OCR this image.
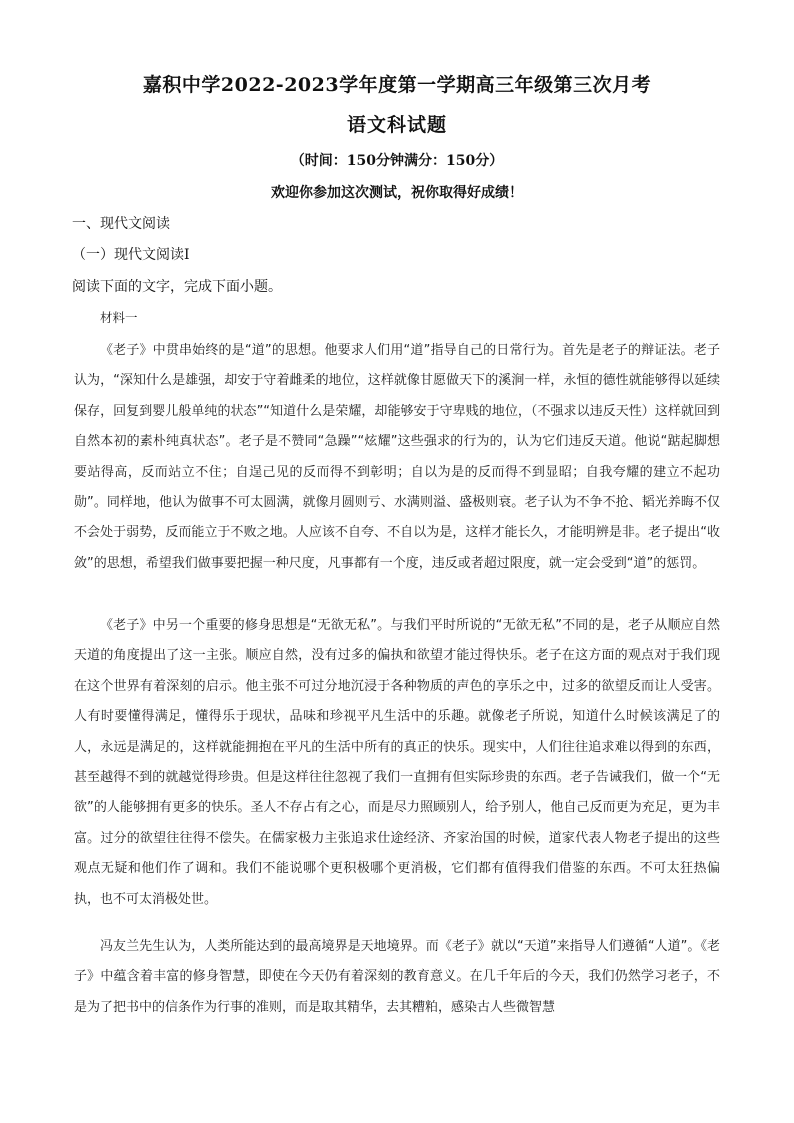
嘉积中学2022-2023学年度第一学期高三年级第三次月考
语文科试题
（时间：150分钟满分：150分）
欢迎你参加这次测试，祝你取得好成绩！
一、现代文阅读
（一）现代文阅读Ⅰ
阅读下面的文字，完成下面小题。
材料一

《老子》中贯串始终的是“道”的思想。他要求人们用“道”指导自己的日常行为。首先是老子的辩证法。老子认为，“深知什么是雄强，却安于守着雌柔的地位，这样就像甘愿做天下的溪涧一样，永恒的德性就能够得以延续保存，回复到婴儿般单纯的状态”“知道什么是荣耀，却能够安于守卑贱的地位，（不强求以违反天性）这样就回到自然本初的素朴纯真状态”。老子是不赞同“急躁”“炫耀”这些强求的行为的，认为它们违反天道。他说“踮起脚想要站得高，反而站立不住；自逞己见的反而得不到彰明；自以为是的反而得不到显昭；自我夸耀的建立不起功勋”。同样地，他认为做事不可太圆满，就像月圆则亏、水满则溢、盛极则衰。老子认为不争不抢、韬光养晦不仅不会处于弱势，反而能立于不败之地。人应该不自夸、不自以为是，这样才能长久，才能明辨是非。老子提出“收敛”的思想，希望我们做事要把握一种尺度，凡事都有一个度，违反或者超过限度，就一定会受到“道”的惩罚。

《老子》中另一个重要的修身思想是“无欲无私”。与我们平时所说的“无欲无私”不同的是，老子从顺应自然天道的角度提出了这一主张。顺应自然，没有过多的偏执和欲望才能过得快乐。老子在这方面的观点对于我们现在这个世界有着深刻的启示。他主张不可过分地沉浸于各种物质的声色的享乐之中，过多的欲望反而让人受害。人有时要懂得满足，懂得乐于现状，品味和珍视平凡生活中的乐趣。就像老子所说，知道什么时候该满足了的人，永远是满足的，这样就能拥抱在平凡的生活中所有的真正的快乐。现实中，人们往往追求难以得到的东西，甚至越得不到的就越觉得珍贵。但是这样往往忽视了我们一直拥有但实际珍贵的东西。老子告诫我们，做一个“无欲”的人能够拥有更多的快乐。圣人不存占有之心，而是尽力照顾别人，给予别人，他自己反而更为充足，更为丰富。过分的欲望往往得不偿失。在儒家极力主张追求仕途经济、齐家治国的时候，道家代表人物老子提出的这些观点无疑和他们作了调和。我们不能说哪个更积极哪个更消极，它们都有值得我们借鉴的东西。不可太狂热偏执，也不可太消极处世。

冯友兰先生认为，人类所能达到的最高境界是天地境界。而《老子》就以“天道”来指导人们遵循“人道”。《老子》中蕴含着丰富的修身智慧，即使在今天仍有着深刻的教育意义。在几千年后的今天，我们仍然学习老子，不是为了把书中的信条作为行事的准则，而是取其精华，去其糟粕，感染古人些微智慧
